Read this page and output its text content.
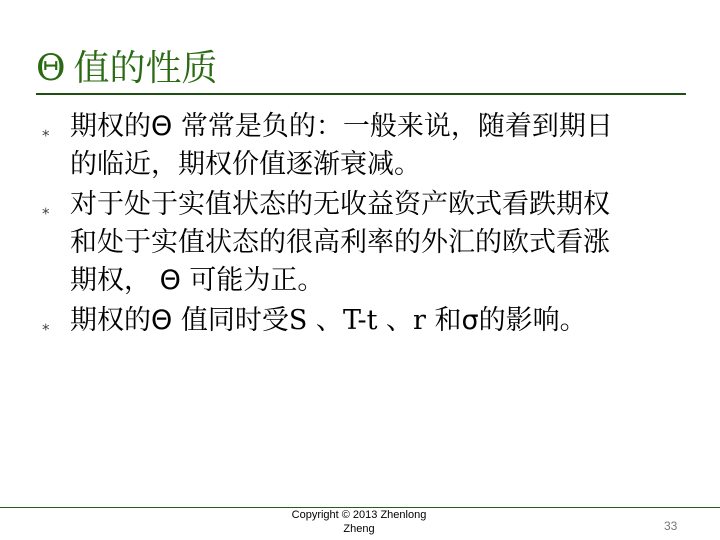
Θ 值的性质
⁎ 期权的Θ 常常是负的：一般来说，随着到期日
的临近，期权价值逐渐衰减。
⁎ 对于处于实值状态的无收益资产欧式看跌期权
和处于实值状态的很高利率的外汇的欧式看涨
期权， Θ 可能为正。
⁎ 期权的Θ 值同时受S 、T-t 、r 和σ的影响。
Copyright © 2013 Zhenlong
Zheng	33
